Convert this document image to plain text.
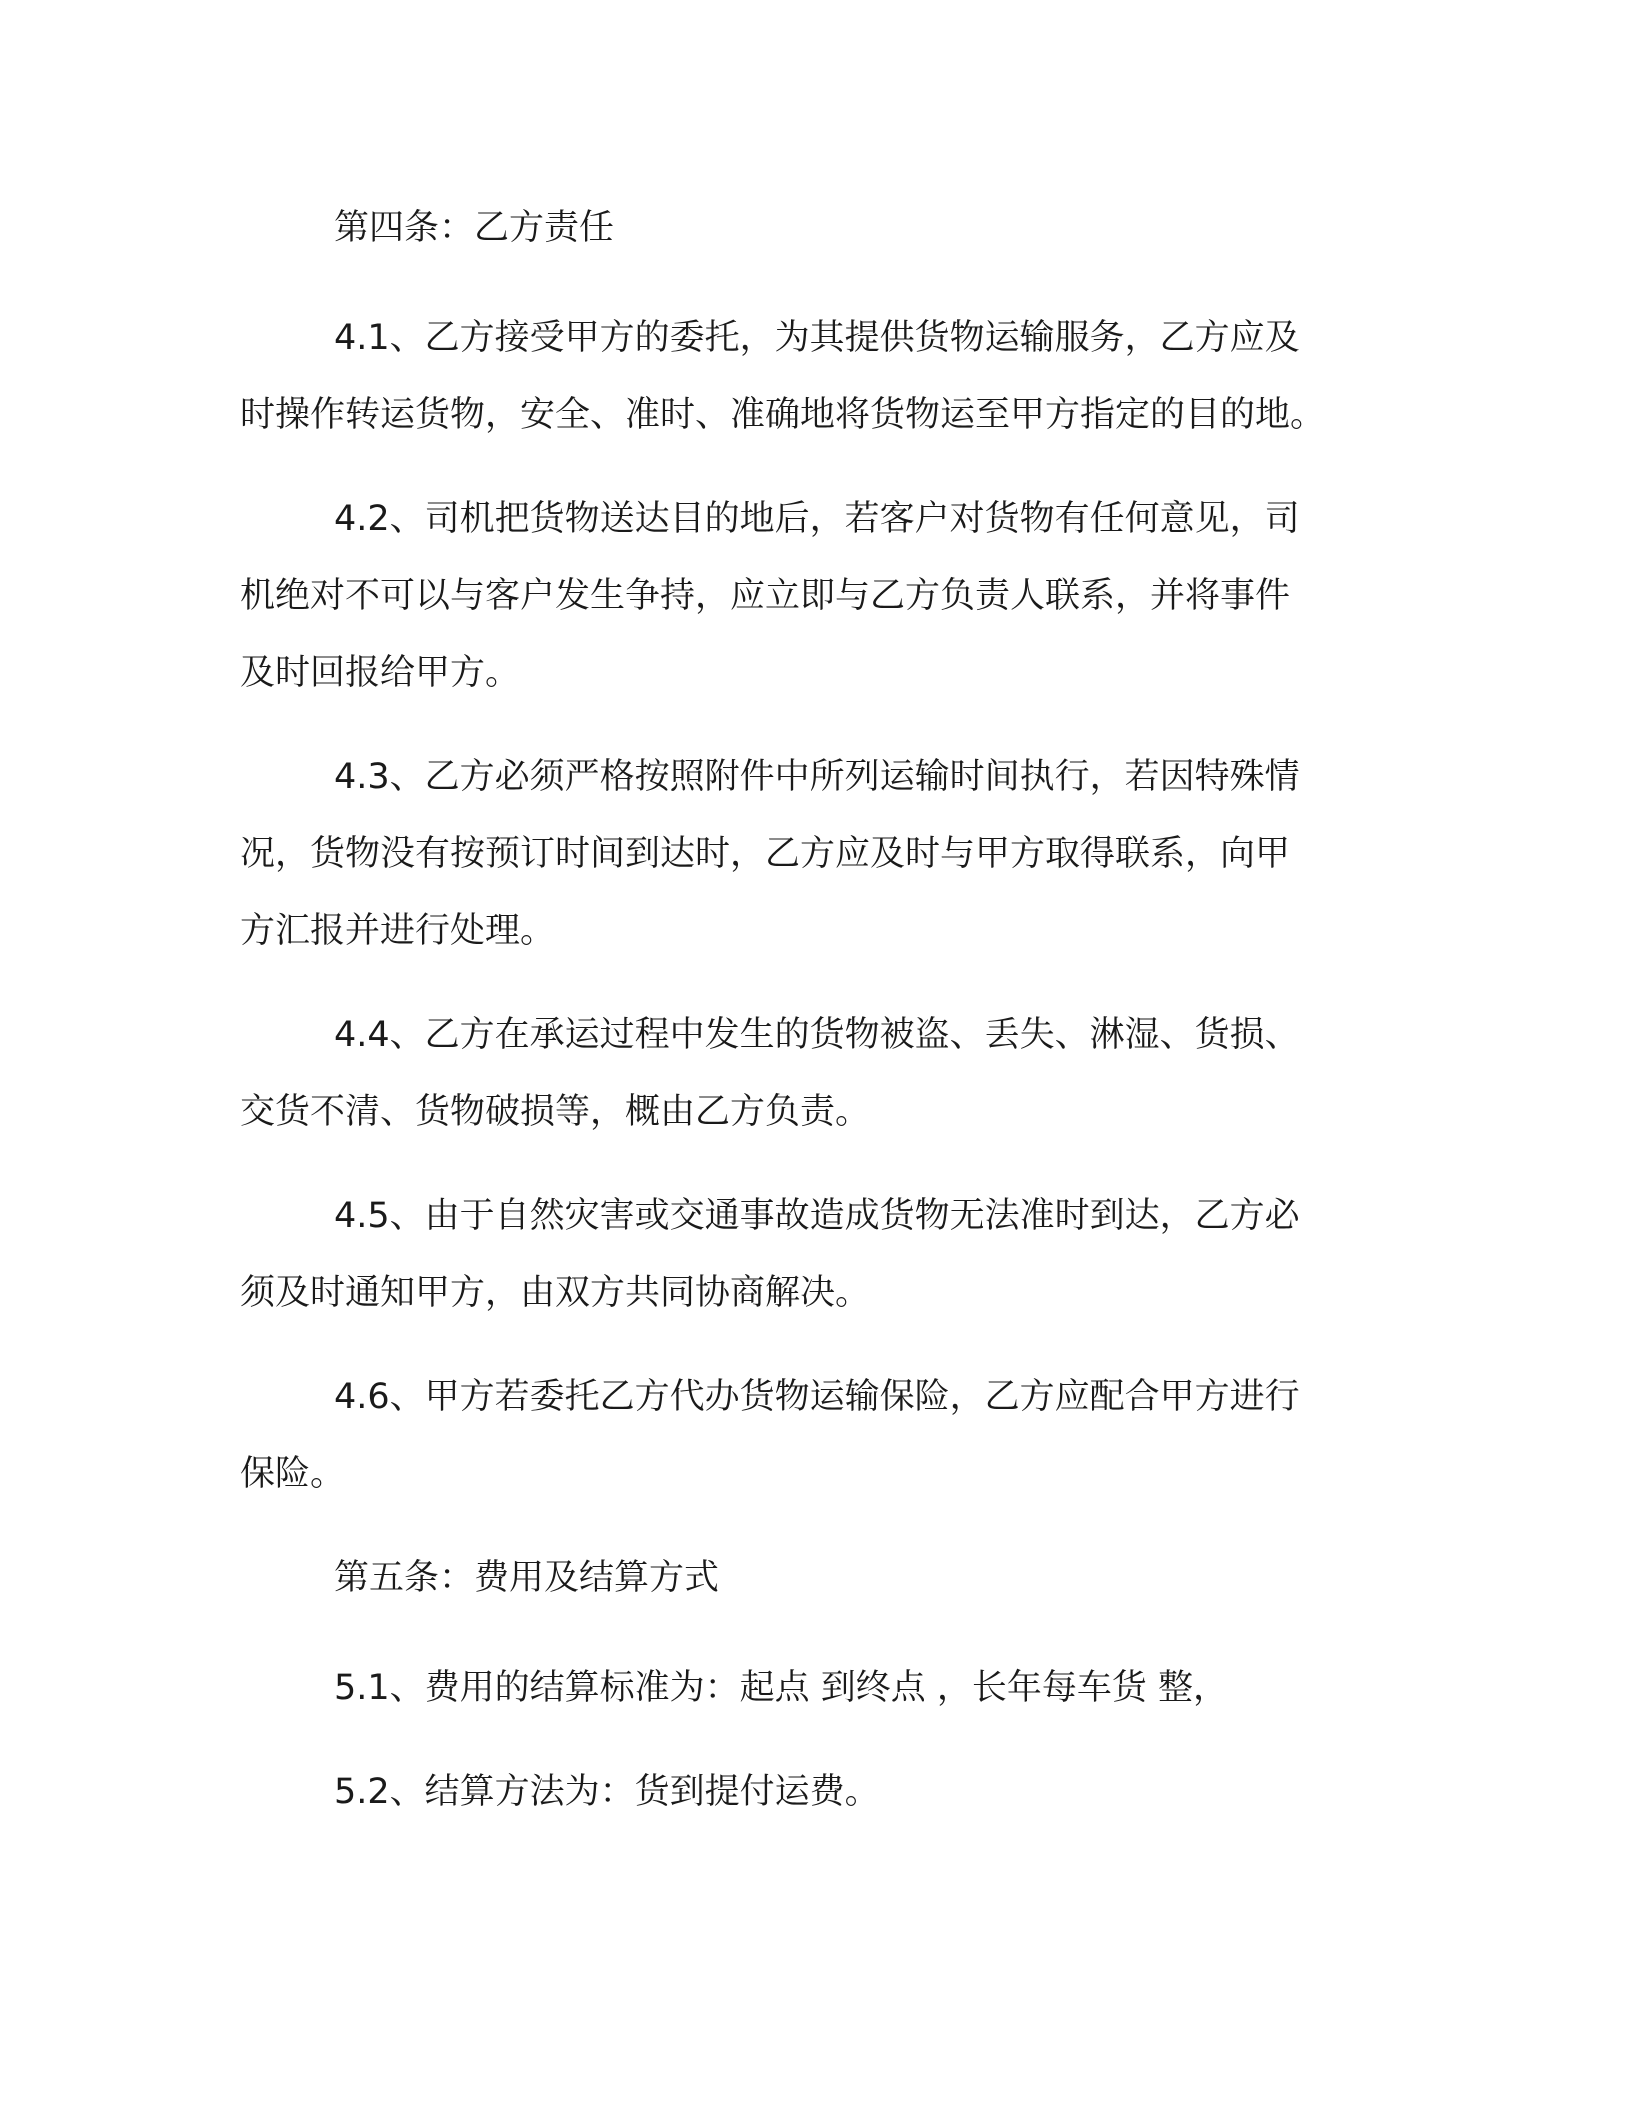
第四条：乙方责任
4.1、乙方接受甲方的委托，为其提供货物运输服务，乙方应及
时操作转运货物，安全、准时、准确地将货物运至甲方指定的目的地。
4.2、司机把货物送达目的地后，若客户对货物有任何意见，司
机绝对不可以与客户发生争持，应立即与乙方负责人联系，并将事件
及时回报给甲方。
4.3、乙方必须严格按照附件中所列运输时间执行，若因特殊情
况，货物没有按预订时间到达时，乙方应及时与甲方取得联系，向甲
方汇报并进行处理。
4.4、乙方在承运过程中发生的货物被盗、丢失、淋湿、货损、
交货不清、货物破损等，概由乙方负责。
4.5、由于自然灾害或交通事故造成货物无法准时到达，乙方必
须及时通知甲方，由双方共同协商解决。
4.6、甲方若委托乙方代办货物运输保险，乙方应配合甲方进行
保险。
第五条：费用及结算方式
5.1、费用的结算标准为：起点 到终点 ，长年每车货 整，
5.2、结算方法为：货到提付运费。
